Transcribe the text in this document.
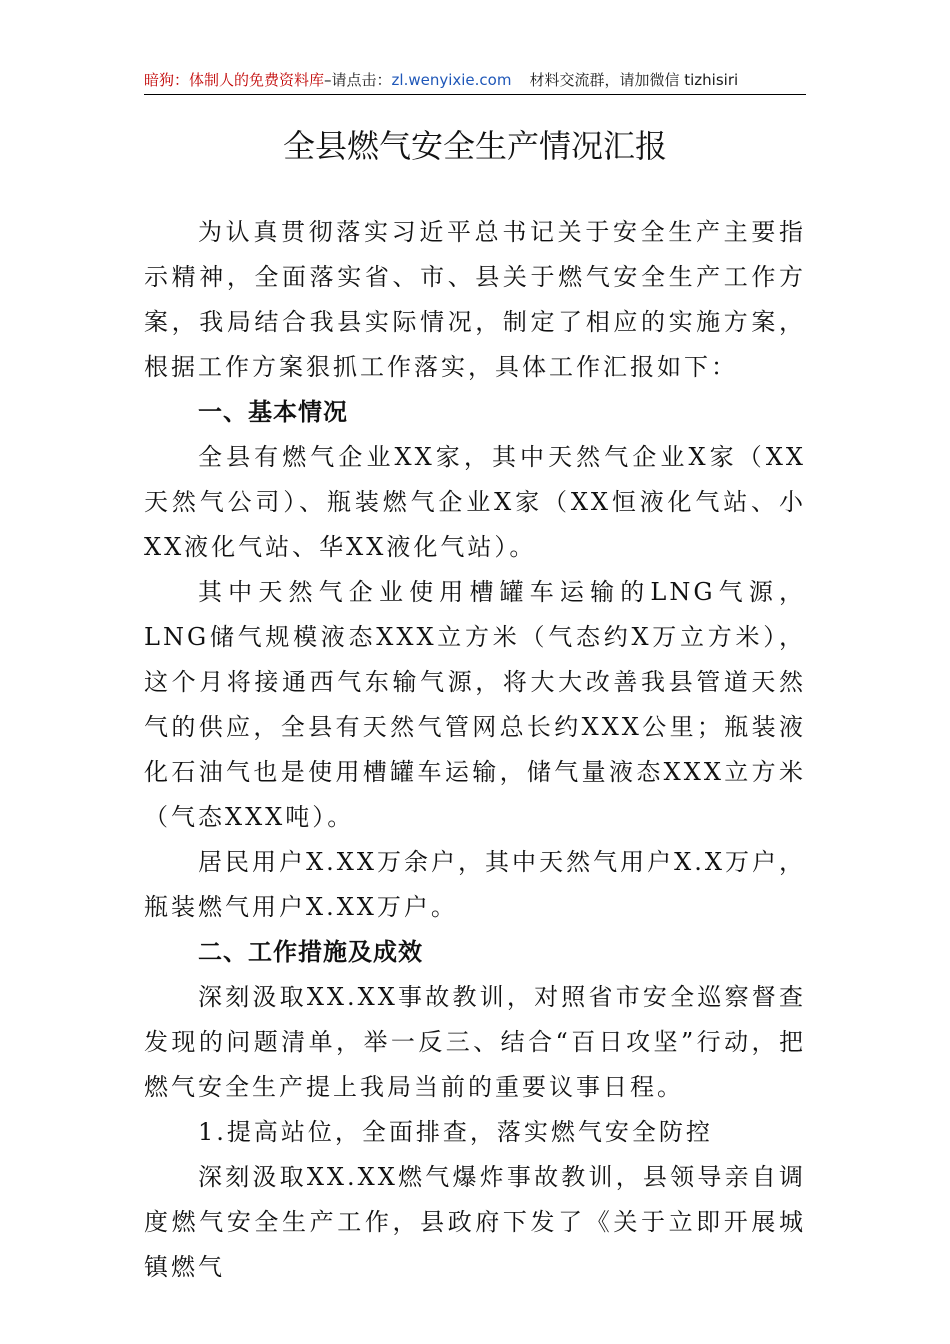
暗狗：体制人的免费资料库–请点击：zl.wenyixie.com 材料交流群，请加微信 tizhisiri
全县燃气安全生产情况汇报

为认真贯彻落实习近平总书记关于安全生产主要指示精神，全面落实省、市、县关于燃气安全生产工作方案，我局结合我县实际情况，制定了相应的实施方案，根据工作方案狠抓工作落实，具体工作汇报如下：

一、基本情况

全县有燃气企业XX家，其中天然气企业X家（XX天然气公司）、瓶装燃气企业X家（XX恒液化气站、小XX液化气站、华XX液化气站）。

其中天然气企业使用槽罐车运输的LNG气源，LNG储气规模液态XXX立方米（气态约X万立方米），这个月将接通西气东输气源，将大大改善我县管道天然气的供应，全县有天然气管网总长约XXX公里；瓶装液化石油气也是使用槽罐车运输，储气量液态XXX立方米（气态XXX吨）。

居民用户X.XX万余户，其中天然气用户X.X万户，瓶装燃气用户X.XX万户。

二、工作措施及成效

深刻汲取XX.XX事故教训，对照省市安全巡察督查发现的问题清单，举一反三、结合“百日攻坚”行动，把燃气安全生产提上我局当前的重要议事日程。

1.提高站位，全面排查，落实燃气安全防控

深刻汲取XX.XX燃气爆炸事故教训，县领导亲自调度燃气安全生产工作，县政府下发了《关于立即开展城镇燃气
